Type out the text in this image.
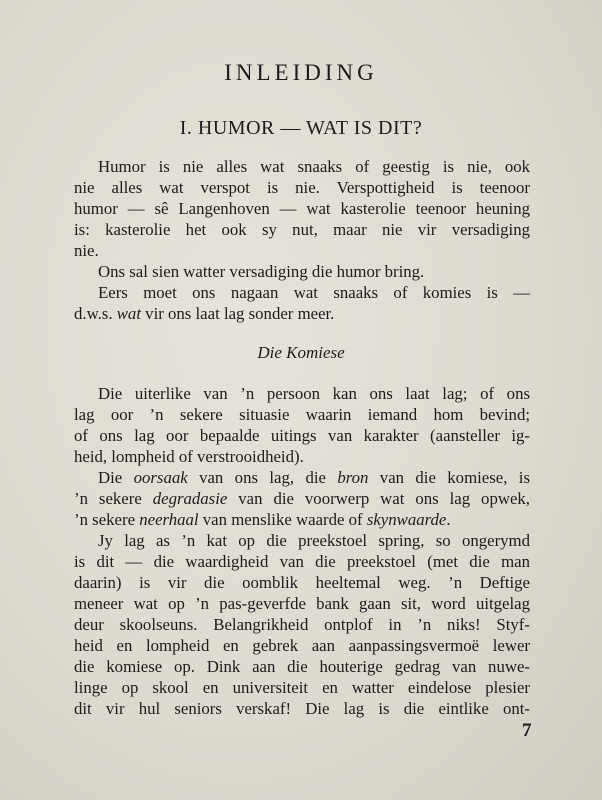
INLEIDING
I. HUMOR — WAT IS DIT?
Humor is nie alles wat snaaks of geestig is nie, ook
nie alles wat verspot is nie. Verspottigheid is teenoor
humor — sê Langenhoven — wat kasterolie teenoor heuning
is: kasterolie het ook sy nut, maar nie vir versadiging
nie.
Ons sal sien watter versadiging die humor bring.
Eers moet ons nagaan wat snaaks of komies is —
d.w.s. wat vir ons laat lag sonder meer.
Die Komiese
Die uiterlike van ’n persoon kan ons laat lag; of ons
lag oor ’n sekere situasie waarin iemand hom bevind;
of ons lag oor bepaalde uitings van karakter (aansteller ig-
heid, lompheid of verstrooidheid).
Die oorsaak van ons lag, die bron van die komiese, is
’n sekere degradasie van die voorwerp wat ons lag opwek,
’n sekere neerhaal van menslike waarde of skynwaarde.
Jy lag as ’n kat op die preekstoel spring, so ongerymd
is dit — die waardigheid van die preekstoel (met die man
daarin) is vir die oomblik heeltemal weg. ’n Deftige
meneer wat op ’n pas-geverfde bank gaan sit, word uitgelag
deur skoolseuns. Belangrikheid ontplof in ’n niks! Styf-
heid en lompheid en gebrek aan aanpassingsvermoë lewer
die komiese op. Dink aan die houterige gedrag van nuwe-
linge op skool en universiteit en watter eindelose plesier
dit vir hul seniors verskaf! Die lag is die eintlike ont-
7
